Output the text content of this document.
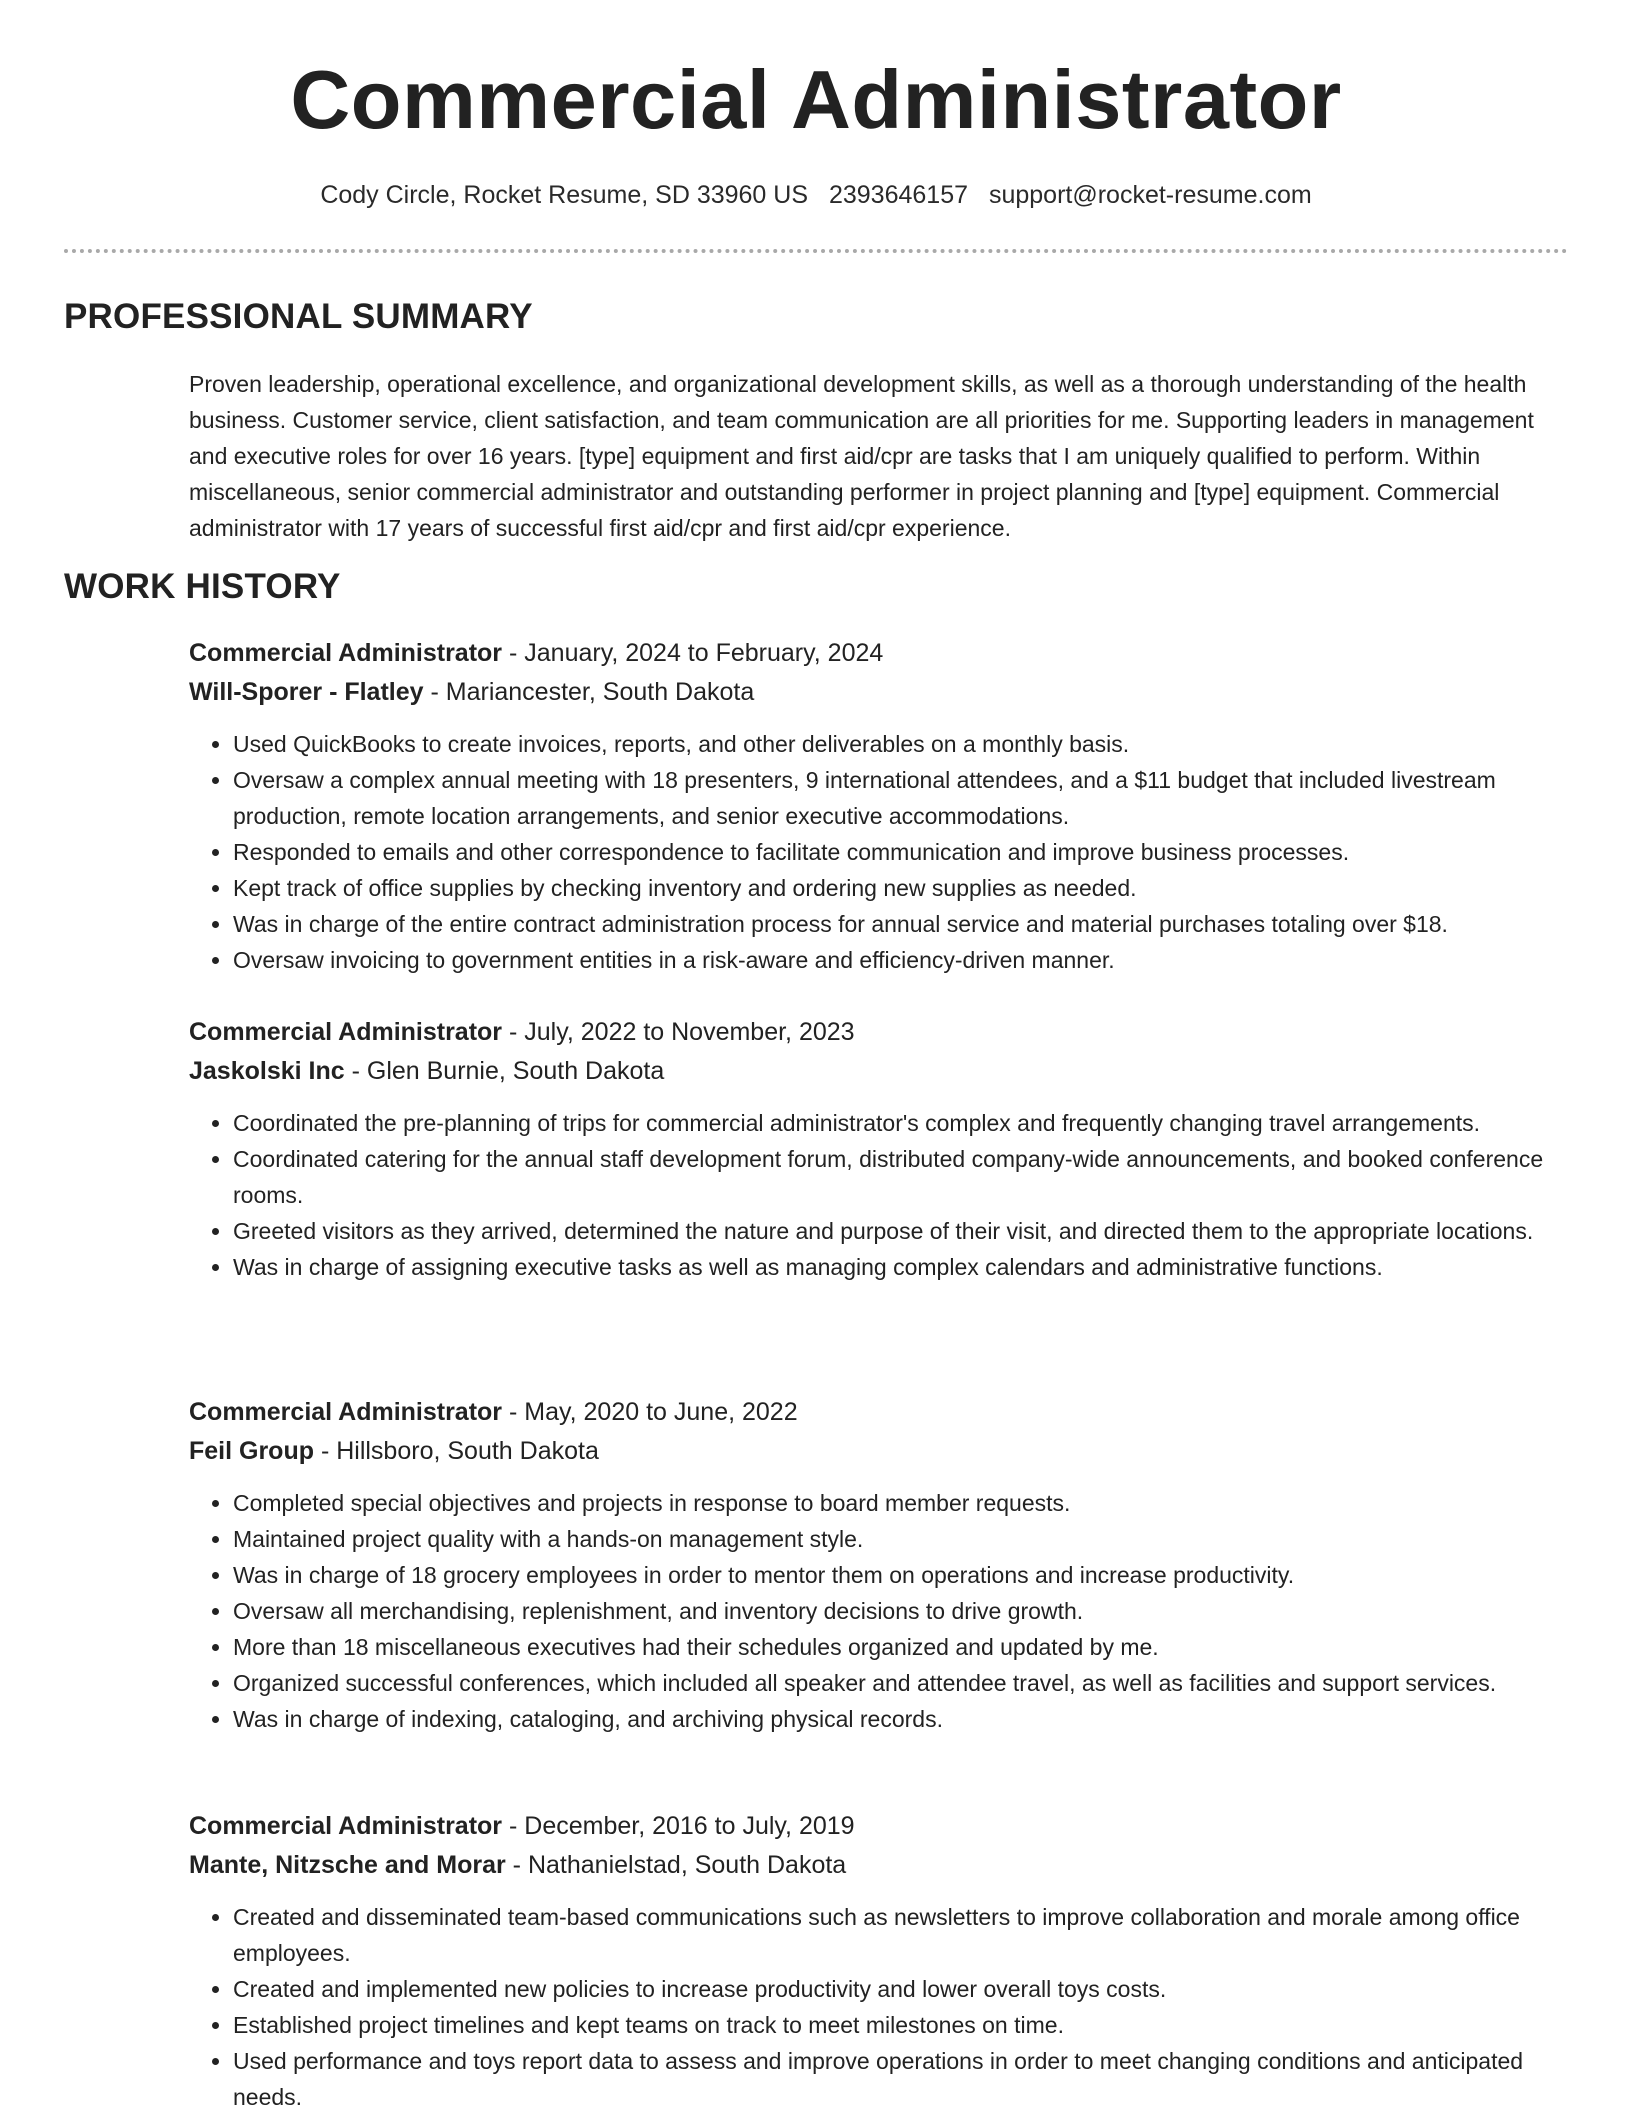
Commercial Administrator
Cody Circle, Rocket Resume, SD 33960 US 2393646157 support@rocket-resume.com
PROFESSIONAL SUMMARY

Proven leadership, operational excellence, and organizational development skills, as well as a thorough understanding of the health business. Customer service, client satisfaction, and team communication are all priorities for me. Supporting leaders in management and executive roles for over 16 years. [type] equipment and first aid/cpr are tasks that I am uniquely qualified to perform. Within miscellaneous, senior commercial administrator and outstanding performer in project planning and [type] equipment. Commercial administrator with 17 years of successful first aid/cpr and first aid/cpr experience.

WORK HISTORY
Commercial Administrator - January, 2024 to February, 2024
Will-Sporer - Flatley - Mariancester, South Dakota
• Used QuickBooks to create invoices, reports, and other deliverables on a monthly basis.
• Oversaw a complex annual meeting with 18 presenters, 9 international attendees, and a $11 budget that included livestream production, remote location arrangements, and senior executive accommodations.
• Responded to emails and other correspondence to facilitate communication and improve business processes.
• Kept track of office supplies by checking inventory and ordering new supplies as needed.
• Was in charge of the entire contract administration process for annual service and material purchases totaling over $18.
• Oversaw invoicing to government entities in a risk-aware and efficiency-driven manner.
Commercial Administrator - July, 2022 to November, 2023
Jaskolski Inc - Glen Burnie, South Dakota
• Coordinated the pre-planning of trips for commercial administrator's complex and frequently changing travel arrangements.
• Coordinated catering for the annual staff development forum, distributed company-wide announcements, and booked conference rooms.
• Greeted visitors as they arrived, determined the nature and purpose of their visit, and directed them to the appropriate locations.
• Was in charge of assigning executive tasks as well as managing complex calendars and administrative functions.
Commercial Administrator - May, 2020 to June, 2022
Feil Group - Hillsboro, South Dakota
• Completed special objectives and projects in response to board member requests.
• Maintained project quality with a hands-on management style.
• Was in charge of 18 grocery employees in order to mentor them on operations and increase productivity.
• Oversaw all merchandising, replenishment, and inventory decisions to drive growth.
• More than 18 miscellaneous executives had their schedules organized and updated by me.
• Organized successful conferences, which included all speaker and attendee travel, as well as facilities and support services.
• Was in charge of indexing, cataloging, and archiving physical records.
Commercial Administrator - December, 2016 to July, 2019
Mante, Nitzsche and Morar - Nathanielstad, South Dakota
• Created and disseminated team-based communications such as newsletters to improve collaboration and morale among office employees.
• Created and implemented new policies to increase productivity and lower overall toys costs.
• Established project timelines and kept teams on track to meet milestones on time.
• Used performance and toys report data to assess and improve operations in order to meet changing conditions and anticipated needs.
